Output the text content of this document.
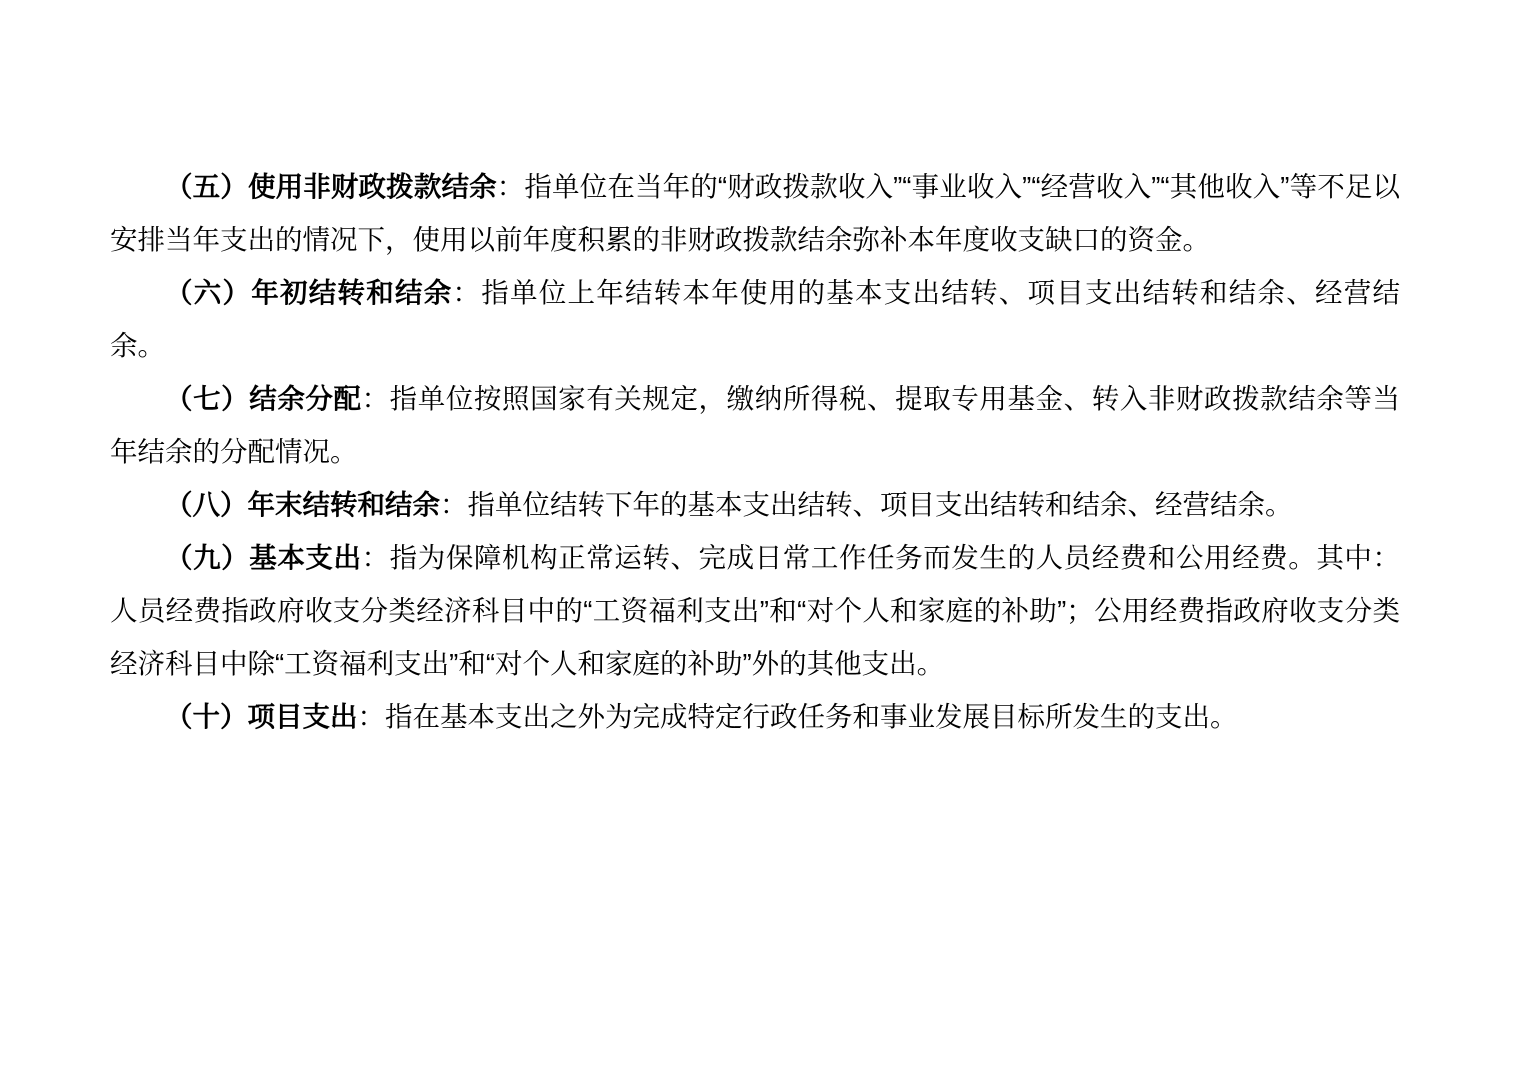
（五）使用非财政拨款结余：指单位在当年的“财政拨款收入”“事业收入”“经营收入”“其他收入”等不足以安排当年支出的情况下，使用以前年度积累的非财政拨款结余弥补本年度收支缺口的资金。

（六）年初结转和结余：指单位上年结转本年使用的基本支出结转、项目支出结转和结余、经营结余。

（七）结余分配：指单位按照国家有关规定，缴纳所得税、提取专用基金、转入非财政拨款结余等当年结余的分配情况。

（八）年末结转和结余：指单位结转下年的基本支出结转、项目支出结转和结余、经营结余。

（九）基本支出：指为保障机构正常运转、完成日常工作任务而发生的人员经费和公用经费。其中：人员经费指政府收支分类经济科目中的“工资福利支出”和“对个人和家庭的补助”；公用经费指政府收支分类经济科目中除“工资福利支出”和“对个人和家庭的补助”外的其他支出。

（十）项目支出：指在基本支出之外为完成特定行政任务和事业发展目标所发生的支出。
